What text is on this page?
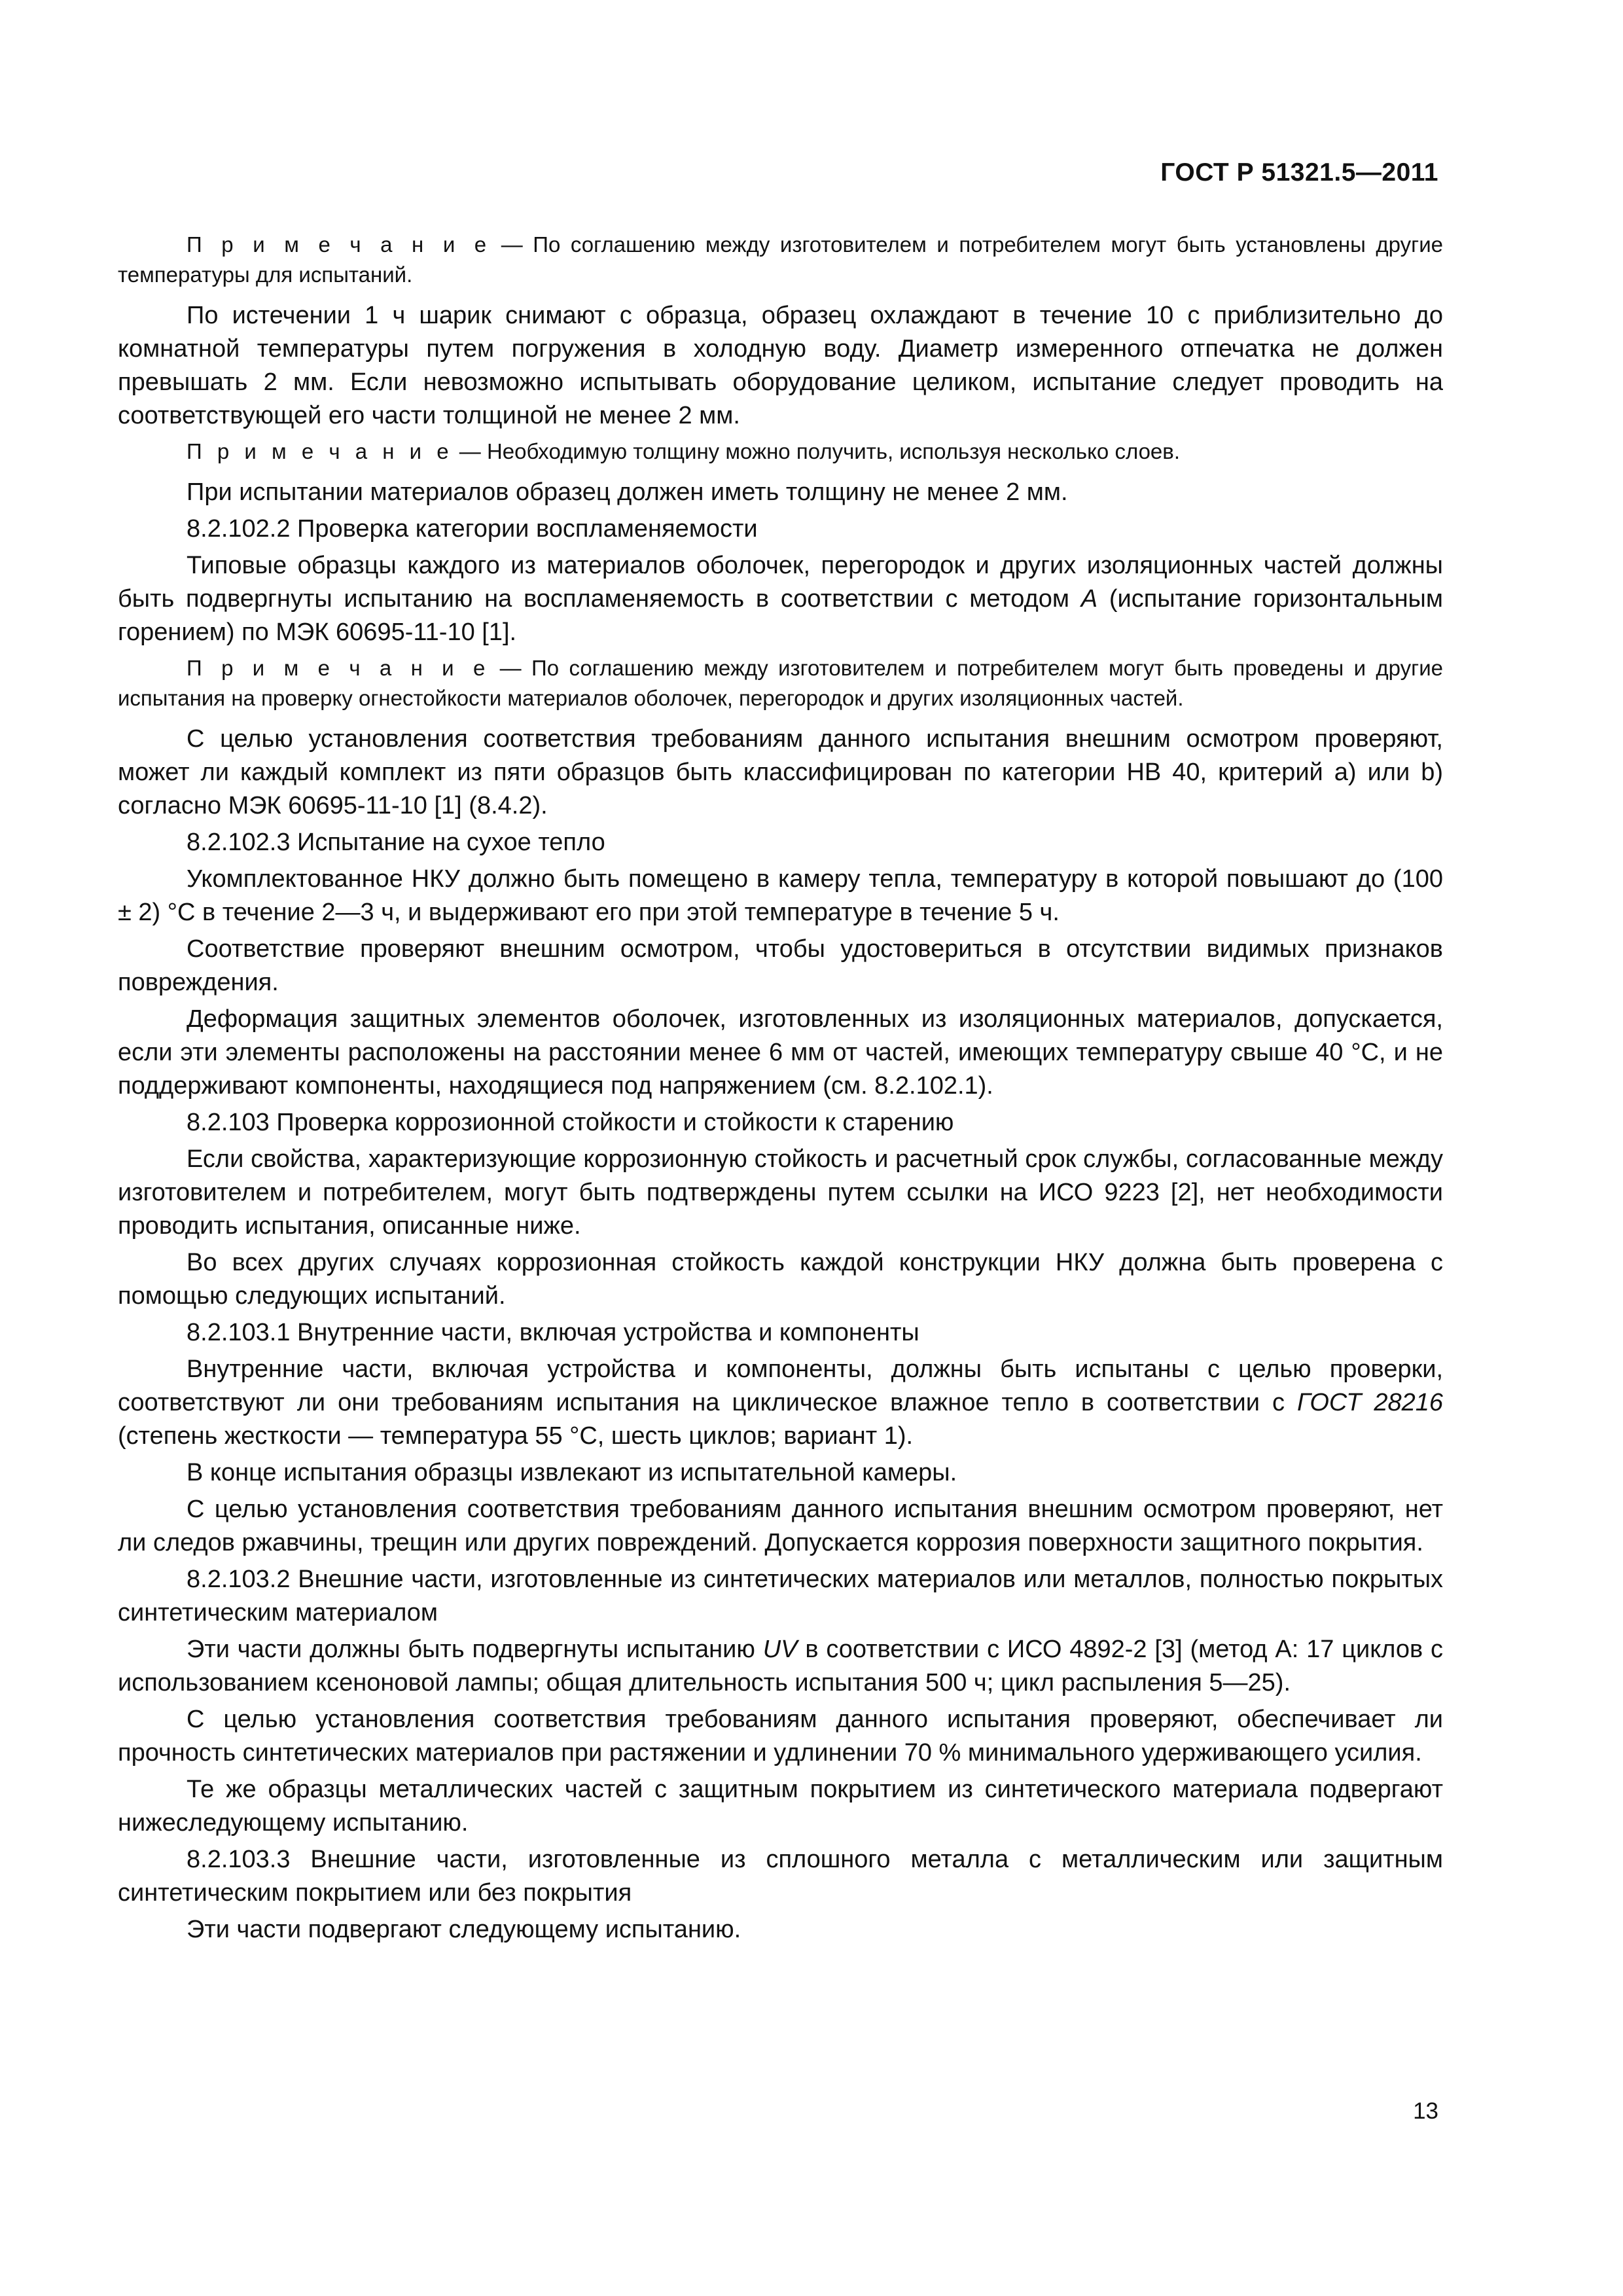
ГОСТ Р 51321.5—2011

П р и м е ч а н и е — По соглашению между изготовителем и потребителем могут быть установлены другие температуры для испытаний.

По истечении 1 ч шарик снимают с образца, образец охлаждают в течение 10 с приблизительно до комнатной температуры путем погружения в холодную воду. Диаметр измеренного отпечатка не должен превышать 2 мм. Если невозможно испытывать оборудование целиком, испытание следует проводить на соответствующей его части толщиной не менее 2 мм.

П р и м е ч а н и е — Необходимую толщину можно получить, используя несколько слоев.

При испытании материалов образец должен иметь толщину не менее 2 мм.

8.2.102.2 Проверка категории воспламеняемости

Типовые образцы каждого из материалов оболочек, перегородок и других изоляционных частей должны быть подвергнуты испытанию на воспламеняемость в соответствии с методом А (испытание горизонтальным горением) по МЭК 60695-11-10 [1].

П р и м е ч а н и е — По соглашению между изготовителем и потребителем могут быть проведены и другие испытания на проверку огнестойкости материалов оболочек, перегородок и других изоляционных частей.

С целью установления соответствия требованиям данного испытания внешним осмотром проверяют, может ли каждый комплект из пяти образцов быть классифицирован по категории НВ 40, критерий а) или b) согласно МЭК 60695-11-10 [1] (8.4.2).

8.2.102.3 Испытание на сухое тепло

Укомплектованное НКУ должно быть помещено в камеру тепла, температуру в которой повышают до (100 ± 2) °С в течение 2—3 ч, и выдерживают его при этой температуре в течение 5 ч.

Соответствие проверяют внешним осмотром, чтобы удостовериться в отсутствии видимых признаков повреждения.

Деформация защитных элементов оболочек, изготовленных из изоляционных материалов, допускается, если эти элементы расположены на расстоянии менее 6 мм от частей, имеющих температуру свыше 40 °С, и не поддерживают компоненты, находящиеся под напряжением (см. 8.2.102.1).

8.2.103 Проверка коррозионной стойкости и стойкости к старению

Если свойства, характеризующие коррозионную стойкость и расчетный срок службы, согласованные между изготовителем и потребителем, могут быть подтверждены путем ссылки на ИСО 9223 [2], нет необходимости проводить испытания, описанные ниже.

Во всех других случаях коррозионная стойкость каждой конструкции НКУ должна быть проверена с помощью следующих испытаний.

8.2.103.1 Внутренние части, включая устройства и компоненты

Внутренние части, включая устройства и компоненты, должны быть испытаны с целью проверки, соответствуют ли они требованиям испытания на циклическое влажное тепло в соответствии с ГОСТ 28216 (степень жесткости — температура 55 °С, шесть циклов; вариант 1).

В конце испытания образцы извлекают из испытательной камеры.

С целью установления соответствия требованиям данного испытания внешним осмотром проверяют, нет ли следов ржавчины, трещин или других повреждений. Допускается коррозия поверхности защитного покрытия.

8.2.103.2 Внешние части, изготовленные из синтетических материалов или металлов, полностью покрытых синтетическим материалом

Эти части должны быть подвергнуты испытанию UV в соответствии с ИСО 4892-2 [3] (метод А: 17 циклов с использованием ксеноновой лампы; общая длительность испытания 500 ч; цикл распыления 5—25).

С целью установления соответствия требованиям данного испытания проверяют, обеспечивает ли прочность синтетических материалов при растяжении и удлинении 70 % минимального удерживающего усилия.

Те же образцы металлических частей с защитным покрытием из синтетического материала подвергают нижеследующему испытанию.

8.2.103.3 Внешние части, изготовленные из сплошного металла с металлическим или защитным синтетическим покрытием или без покрытия

Эти части подвергают следующему испытанию.

13
